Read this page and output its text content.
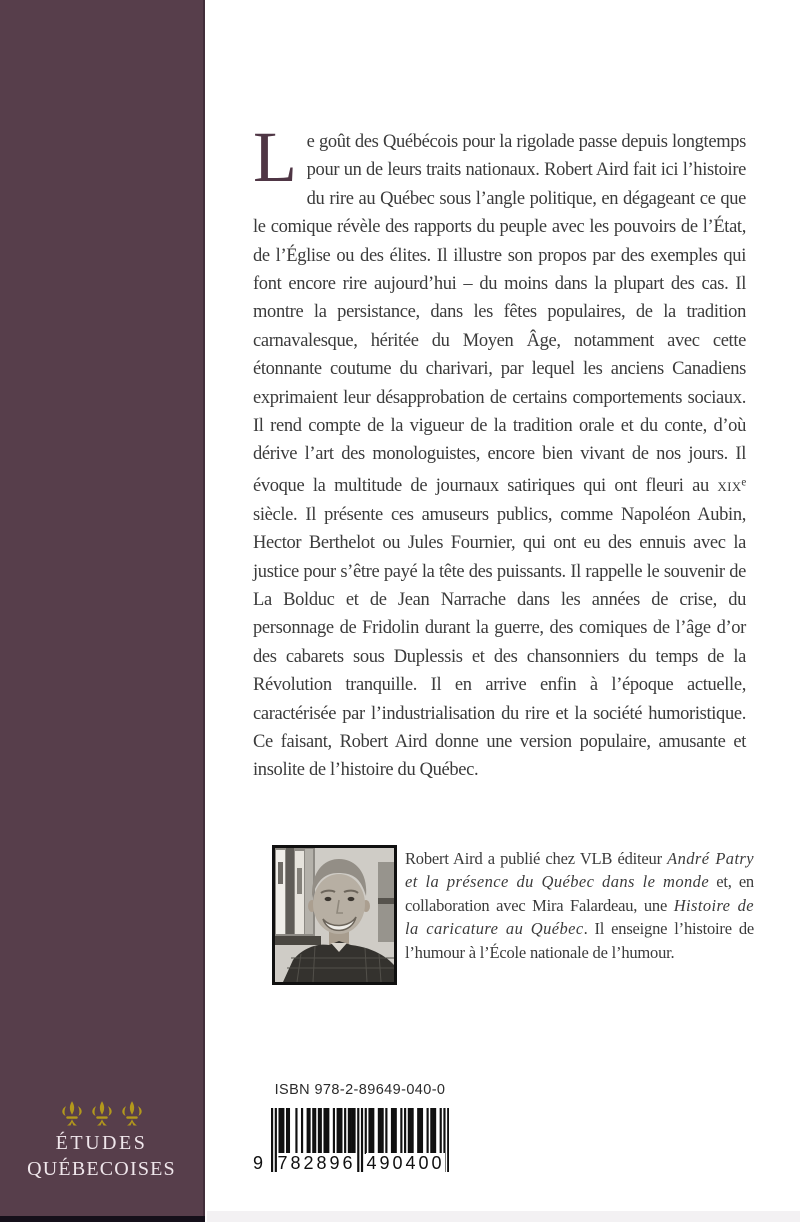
ÉTUDES
QUÉBECOISES

Le goût des Québécois pour la rigolade passe depuis longtemps pour un de leurs traits nationaux. Robert Aird fait ici l’histoire du rire au Québec sous l’angle politique, en dégageant ce que le comique révèle des rapports du peuple avec les pouvoirs de l’État, de l’Église ou des élites. Il illustre son propos par des exemples qui font encore rire aujourd’hui – du moins dans la plupart des cas. Il montre la persistance, dans les fêtes populaires, de la tradition carnavalesque, héritée du Moyen Âge, notamment avec cette étonnante coutume du charivari, par lequel les anciens Canadiens exprimaient leur désapprobation de certains comportements sociaux. Il rend compte de la vigueur de la tradition orale et du conte, d’où dérive l’art des monologuistes, encore bien vivant de nos jours. Il évoque la multitude de journaux satiriques qui ont fleuri au xix$^e$ siècle. Il présente ces amuseurs publics, comme Napoléon Aubin, Hector Berthelot ou Jules Fournier, qui ont eu des ennuis avec la justice pour s’être payé la tête des puissants. Il rappelle le souvenir de La Bolduc et de Jean Narrache dans les années de crise, du personnage de Fridolin durant la guerre, des comiques de l’âge d’or des cabarets sous Duplessis et des chansonniers du temps de la Révolution tranquille. Il en arrive enfin à l’époque actuelle, caractérisée par l’industrialisation du rire et la société humoristique. Ce faisant, Robert Aird donne une version populaire, amusante et insolite de l’histoire du Québec.

Robert Aird a publié chez VLB éditeur André Patry et la présence du Québec dans le monde et, en collaboration avec Mira Falardeau, une Histoire de la caricature au Québec. Il enseigne l’histoire de l’humour à l’École nationale de l’humour.

ISBN 978-2-89649-040-0
9 782896 490400
